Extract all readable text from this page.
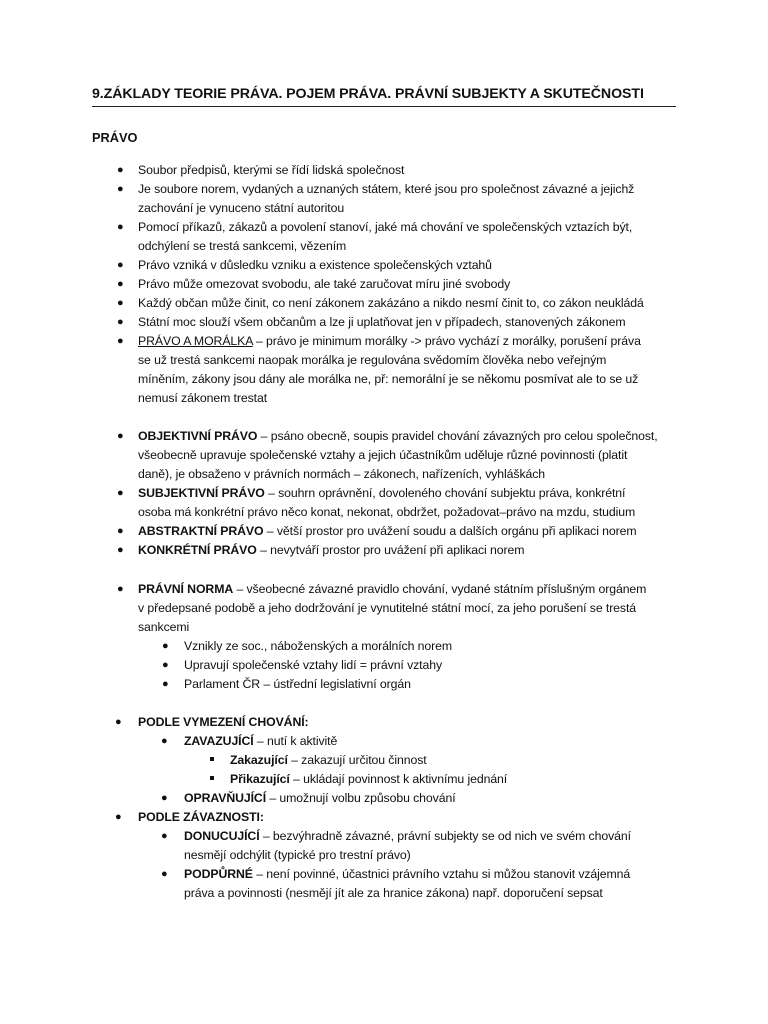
9.ZÁKLADY TEORIE PRÁVA. POJEM PRÁVA. PRÁVNÍ SUBJEKTY A SKUTEČNOSTI
PRÁVO
● Soubor předpisů, kterými se řídí lidská společnost
● Je soubore norem, vydaných a uznaných státem, které jsou pro společnost závazné a jejichž
zachování je vynuceno státní autoritou
● Pomocí příkazů, zákazů a povolení stanoví, jaké má chování ve společenských vztazích být,
odchýlení se trestá sankcemi, vězením
● Právo vzniká v důsledku vzniku a existence společenských vztahů
● Právo může omezovat svobodu, ale také zaručovat míru jiné svobody
● Každý občan může činit, co není zákonem zakázáno a nikdo nesmí činit to, co zákon neukládá
● Státní moc slouží všem občanům a lze ji uplatňovat jen v případech, stanovených zákonem
● PRÁVO A MORÁLKA – právo je minimum morálky -> právo vychází z morálky, porušení práva
se už trestá sankcemi naopak morálka je regulována svědomím člověka nebo veřejným
míněním, zákony jsou dány ale morálka ne, př: nemorální je se někomu posmívat ale to se už
nemusí zákonem trestat
● OBJEKTIVNÍ PRÁVO – psáno obecně, soupis pravidel chování závazných pro celou společnost,
všeobecně upravuje společenské vztahy a jejich účastníkům uděluje různé povinnosti (platit
daně), je obsaženo v právních normách – zákonech, nařízeních, vyhláškách
● SUBJEKTIVNÍ PRÁVO – souhrn oprávnění, dovoleného chování subjektu práva, konkrétní
osoba má konkrétní právo něco konat, nekonat, obdržet, požadovat–právo na mzdu, studium
● ABSTRAKTNÍ PRÁVO – větší prostor pro uvážení soudu a dalších orgánu při aplikaci norem
● KONKRÉTNÍ PRÁVO – nevytváří prostor pro uvážení při aplikaci norem
● PRÁVNÍ NORMA – všeobecné závazné pravidlo chování, vydané státním příslušným orgánem
v předepsané podobě a jeho dodržování je vynutitelné státní mocí, za jeho porušení se trestá
sankcemi
● Vznikly ze soc., náboženských a morálních norem
● Upravují společenské vztahy lidí = právní vztahy
● Parlament ČR – ústřední legislativní orgán
● PODLE VYMEZENÍ CHOVÁNÍ:
● ZAVAZUJÍCÍ – nutí k aktivitě
Zakazující – zakazují určitou činnost
Přikazující – ukládají povinnost k aktivnímu jednání
● OPRAVŇUJÍCÍ – umožnují volbu způsobu chování
● PODLE ZÁVAZNOSTI:
● DONUCUJÍCÍ – bezvýhradně závazné, právní subjekty se od nich ve svém chování
nesmějí odchýlit (typické pro trestní právo)
● PODPŮRNÉ – není povinné, účastnici právního vztahu si můžou stanovit vzájemná
práva a povinnosti (nesmějí jít ale za hranice zákona) např. doporučení sepsat
